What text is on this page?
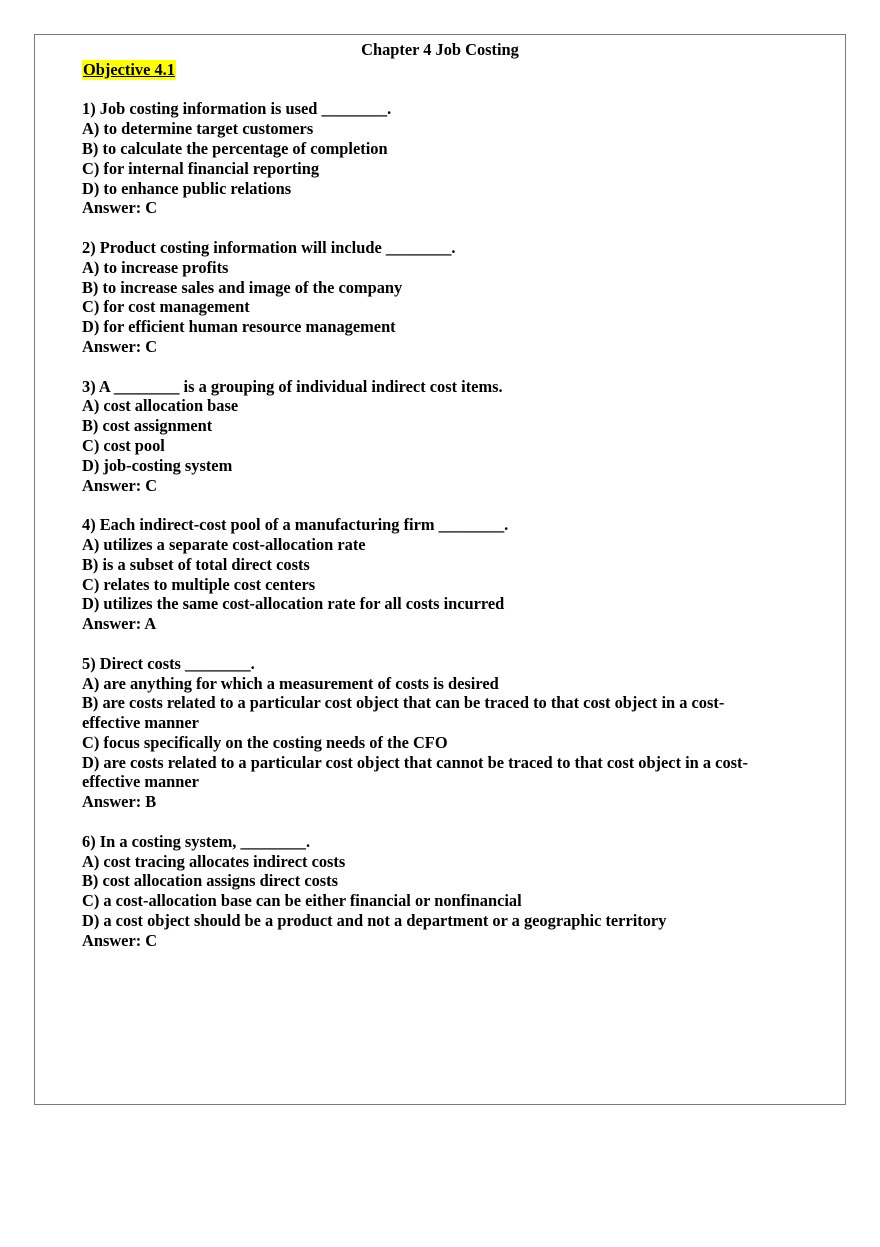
Chapter 4 Job Costing
Objective 4.1
1) Job costing information is used ________.
A) to determine target customers
B) to calculate the percentage of completion
C) for internal financial reporting
D) to enhance public relations
Answer: C
2) Product costing information will include ________.
A) to increase profits
B) to increase sales and image of the company
C) for cost management
D) for efficient human resource management
Answer: C
3) A ________ is a grouping of individual indirect cost items.
A) cost allocation base
B) cost assignment
C) cost pool
D) job-costing system
Answer: C
4) Each indirect-cost pool of a manufacturing firm ________.
A) utilizes a separate cost-allocation rate
B) is a subset of total direct costs
C) relates to multiple cost centers
D) utilizes the same cost-allocation rate for all costs incurred
Answer: A
5) Direct costs ________.
A) are anything for which a measurement of costs is desired
B) are costs related to a particular cost object that can be traced to that cost object in a cost-effective manner
C) focus specifically on the costing needs of the CFO
D) are costs related to a particular cost object that cannot be traced to that cost object in a cost-effective manner
Answer: B
6) In a costing system, ________.
A) cost tracing allocates indirect costs
B) cost allocation assigns direct costs
C) a cost-allocation base can be either financial or nonfinancial
D) a cost object should be a product and not a department or a geographic territory
Answer: C
